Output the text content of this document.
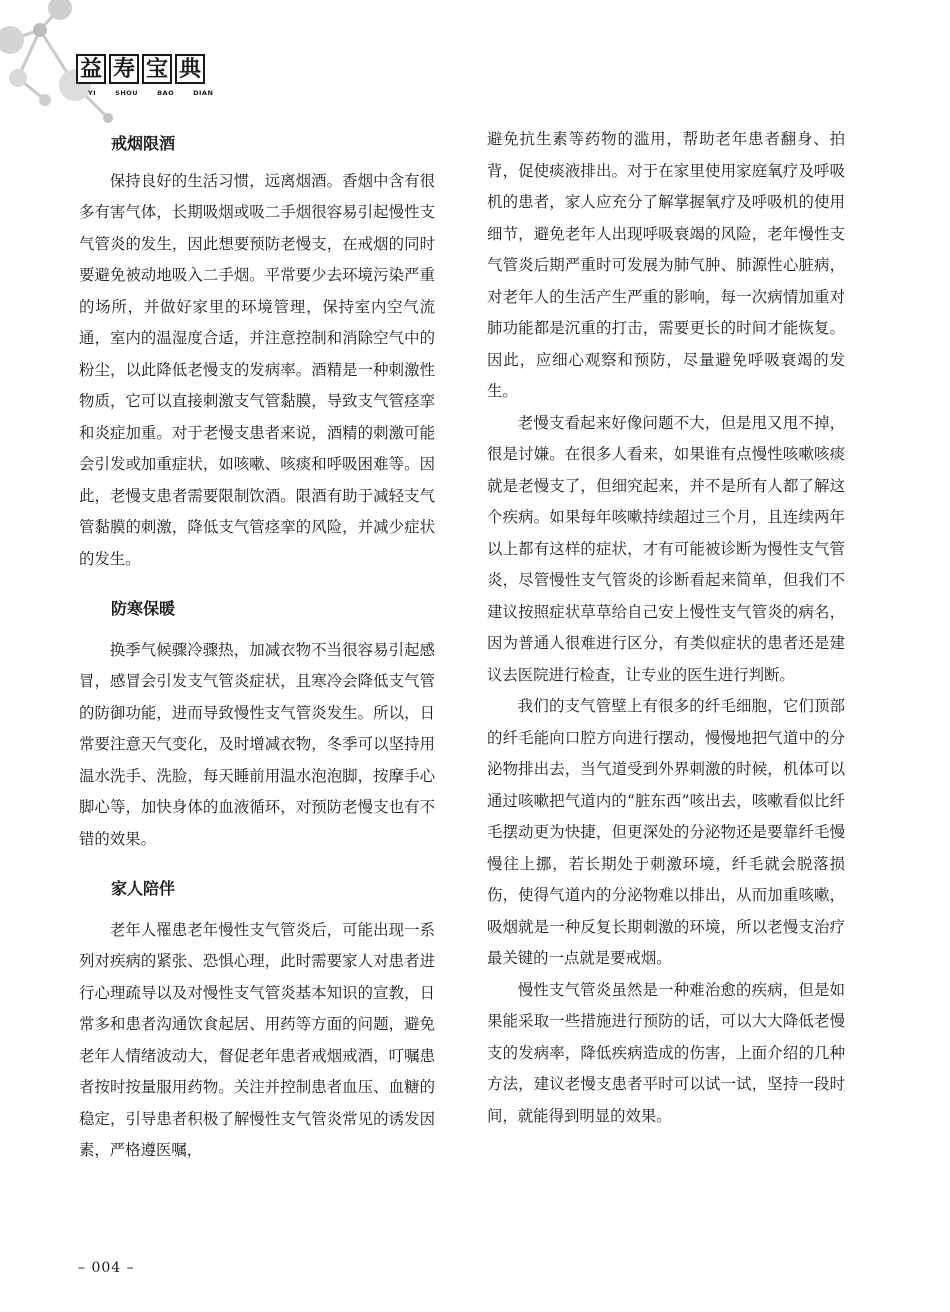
益 寿 宝 典
YI	SHOU	BAO	DIAN
戒烟限酒

保持良好的生活习惯，远离烟酒。香烟中含有很多有害气体，长期吸烟或吸二手烟很容易引起慢性支气管炎的发生，因此想要预防老慢支，在戒烟的同时要避免被动地吸入二手烟。平常要少去环境污染严重的场所，并做好家里的环境管理，保持室内空气流通，室内的温湿度合适，并注意控制和消除空气中的粉尘，以此降低老慢支的发病率。酒精是一种刺激性物质，它可以直接刺激支气管黏膜，导致支气管痉挛和炎症加重。对于老慢支患者来说，酒精的刺激可能会引发或加重症状，如咳嗽、咳痰和呼吸困难等。因此，老慢支患者需要限制饮酒。限酒有助于减轻支气管黏膜的刺激，降低支气管痉挛的风险，并减少症状的发生。

防寒保暖

换季气候骤冷骤热，加减衣物不当很容易引起感冒，感冒会引发支气管炎症状，且寒冷会降低支气管的防御功能，进而导致慢性支气管炎发生。所以，日常要注意天气变化，及时增减衣物，冬季可以坚持用温水洗手、洗脸，每天睡前用温水泡泡脚，按摩手心脚心等，加快身体的血液循环，对预防老慢支也有不错的效果。

家人陪伴

老年人罹患老年慢性支气管炎后，可能出现一系列对疾病的紧张、恐惧心理，此时需要家人对患者进行心理疏导以及对慢性支气管炎基本知识的宣教，日常多和患者沟通饮食起居、用药等方面的问题，避免老年人情绪波动大，督促老年患者戒烟戒酒，叮嘱患者按时按量服用药物。关注并控制患者血压、血糖的稳定，引导患者积极了解慢性支气管炎常见的诱发因素，严格遵医嘱，

避免抗生素等药物的滥用，帮助老年患者翻身、拍背，促使痰液排出。对于在家里使用家庭氧疗及呼吸机的患者，家人应充分了解掌握氧疗及呼吸机的使用细节，避免老年人出现呼吸衰竭的风险，老年慢性支气管炎后期严重时可发展为肺气肿、肺源性心脏病，对老年人的生活产生严重的影响，每一次病情加重对肺功能都是沉重的打击，需要更长的时间才能恢复。因此，应细心观察和预防，尽量避免呼吸衰竭的发生。

老慢支看起来好像问题不大，但是甩又甩不掉，很是讨嫌。在很多人看来，如果谁有点慢性咳嗽咳痰就是老慢支了，但细究起来，并不是所有人都了解这个疾病。如果每年咳嗽持续超过三个月，且连续两年以上都有这样的症状，才有可能被诊断为慢性支气管炎，尽管慢性支气管炎的诊断看起来简单，但我们不建议按照症状草草给自己安上慢性支气管炎的病名，因为普通人很难进行区分，有类似症状的患者还是建议去医院进行检查，让专业的医生进行判断。

我们的支气管壁上有很多的纤毛细胞，它们顶部的纤毛能向口腔方向进行摆动，慢慢地把气道中的分泌物排出去，当气道受到外界刺激的时候，机体可以通过咳嗽把气道内的“脏东西”咳出去，咳嗽看似比纤毛摆动更为快捷，但更深处的分泌物还是要靠纤毛慢慢往上挪，若长期处于刺激环境，纤毛就会脱落损伤，使得气道内的分泌物难以排出，从而加重咳嗽，吸烟就是一种反复长期刺激的环境，所以老慢支治疗最关键的一点就是要戒烟。

慢性支气管炎虽然是一种难治愈的疾病，但是如果能采取一些措施进行预防的话，可以大大降低老慢支的发病率，降低疾病造成的伤害，上面介绍的几种方法，建议老慢支患者平时可以试一试，坚持一段时间，就能得到明显的效果。

– 004 –
